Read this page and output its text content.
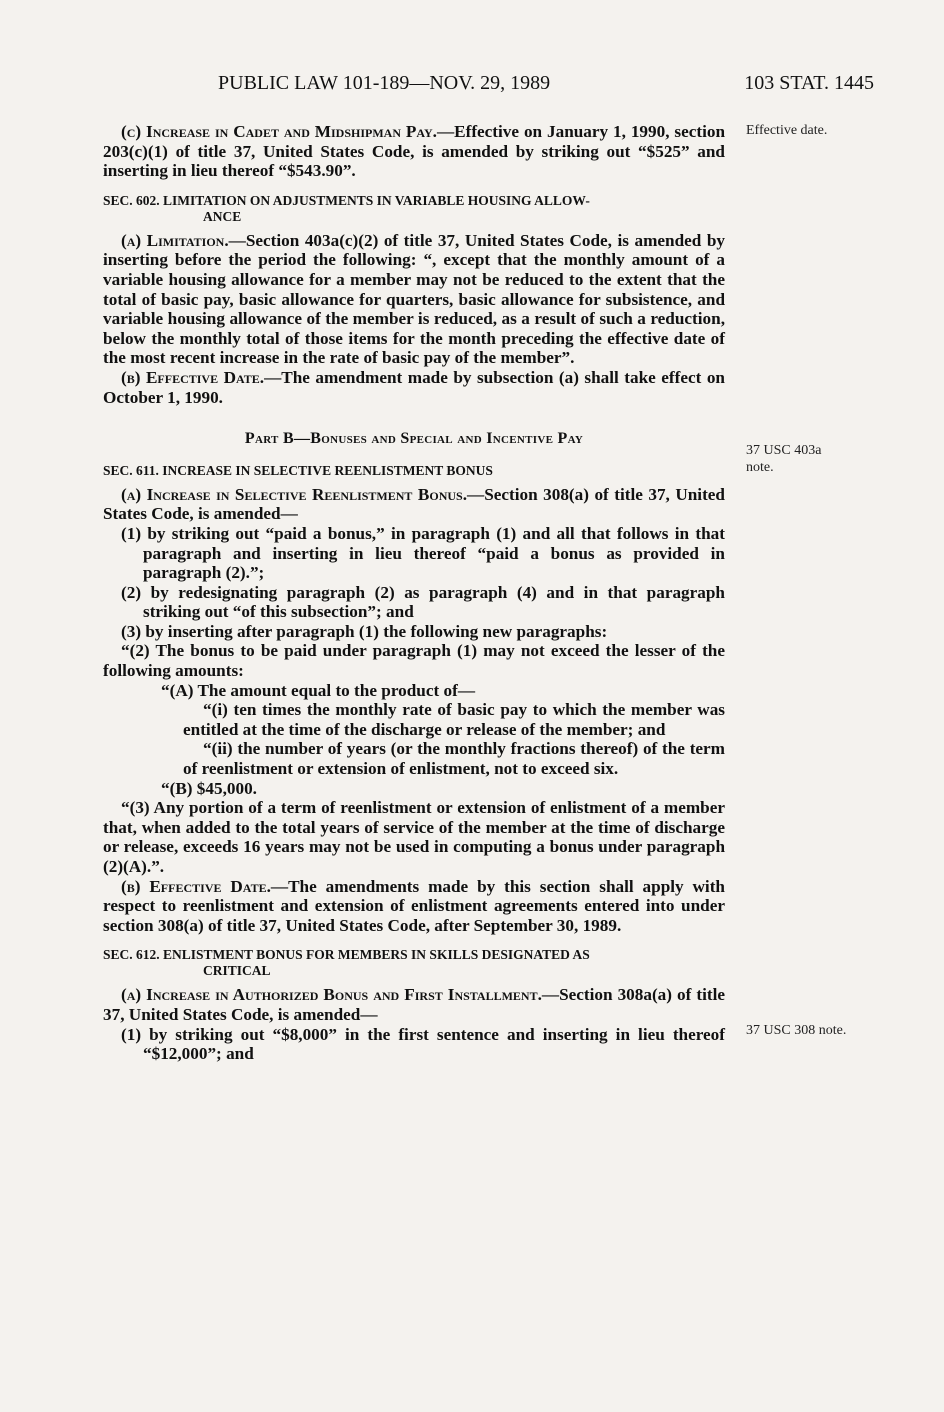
PUBLIC LAW 101-189—NOV. 29, 1989	103 STAT. 1445
Effective date.
37 USC 403a note.
37 USC 308 note.

(c) Increase in Cadet and Midshipman Pay.—Effective on January 1, 1990, section 203(c)(1) of title 37, United States Code, is amended by striking out “$525” and inserting in lieu thereof “$543.90”.

SEC. 602. LIMITATION ON ADJUSTMENTS IN VARIABLE HOUSING ALLOW-
ANCE

(a) Limitation.—Section 403a(c)(2) of title 37, United States Code, is amended by inserting before the period the following: “, except that the monthly amount of a variable housing allowance for a member may not be reduced to the extent that the total of basic pay, basic allowance for quarters, basic allowance for subsistence, and variable housing allowance of the member is reduced, as a result of such a reduction, below the monthly total of those items for the month preceding the effective date of the most recent increase in the rate of basic pay of the member”.

(b) Effective Date.—The amendment made by subsection (a) shall take effect on October 1, 1990.

Part B—Bonuses and Special and Incentive Pay

SEC. 611. INCREASE IN SELECTIVE REENLISTMENT BONUS

(a) Increase in Selective Reenlistment Bonus.—Section 308(a) of title 37, United States Code, is amended—

(1) by striking out “paid a bonus,” in paragraph (1) and all that follows in that paragraph and inserting in lieu thereof “paid a bonus as provided in paragraph (2).”;

(2) by redesignating paragraph (2) as paragraph (4) and in that paragraph striking out “of this subsection”; and

(3) by inserting after paragraph (1) the following new paragraphs:

“(2) The bonus to be paid under paragraph (1) may not exceed the lesser of the following amounts:

“(A) The amount equal to the product of—

“(i) ten times the monthly rate of basic pay to which the member was entitled at the time of the discharge or release of the member; and

“(ii) the number of years (or the monthly fractions thereof) of the term of reenlistment or extension of enlistment, not to exceed six.

“(B) $45,000.

“(3) Any portion of a term of reenlistment or extension of enlistment of a member that, when added to the total years of service of the member at the time of discharge or release, exceeds 16 years may not be used in computing a bonus under paragraph (2)(A).”.

(b) Effective Date.—The amendments made by this section shall apply with respect to reenlistment and extension of enlistment agreements entered into under section 308(a) of title 37, United States Code, after September 30, 1989.

SEC. 612. ENLISTMENT BONUS FOR MEMBERS IN SKILLS DESIGNATED AS
CRITICAL

(a) Increase in Authorized Bonus and First Installment.—Section 308a(a) of title 37, United States Code, is amended—

(1) by striking out “$8,000” in the first sentence and inserting in lieu thereof “$12,000”; and
